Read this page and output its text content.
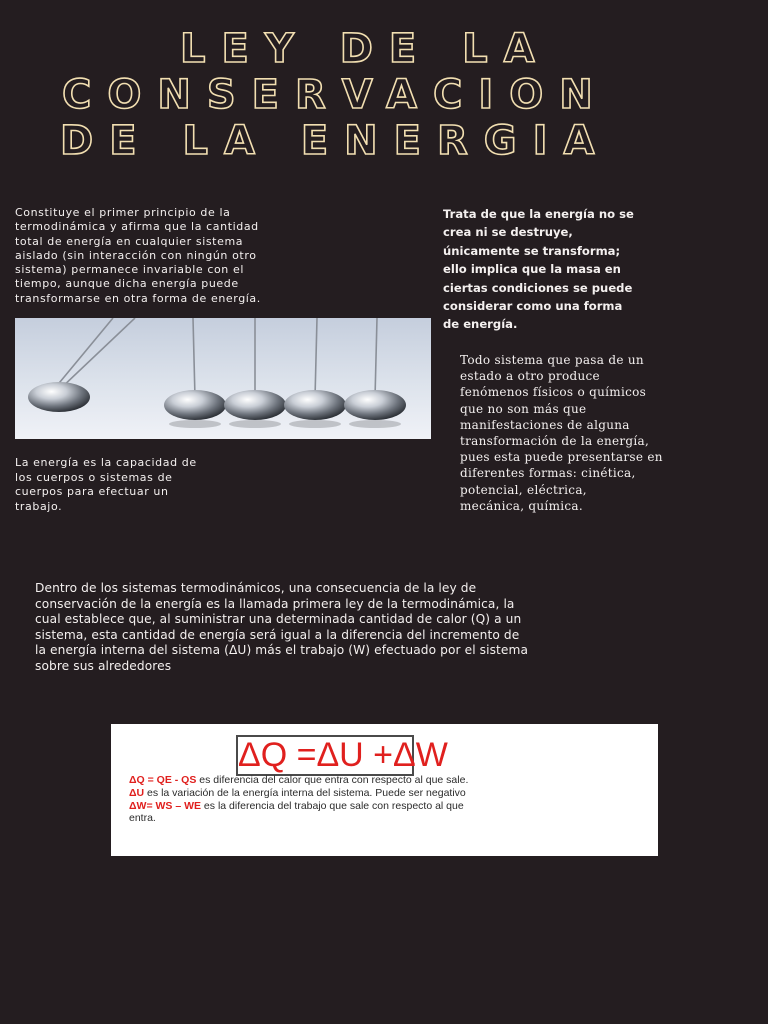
LEY DE LA
CONSERVACION
DE LA ENERGIA

Constituye el primer principio de la
termodinámica y afirma que la cantidad
total de energía en cualquier sistema
aislado (sin interacción con ningún otro
sistema) permanece invariable con el
tiempo, aunque dicha energía puede
transformarse en otra forma de energía.

Trata de que la energía no se
crea ni se destruye,
únicamente se transforma;
ello implica que la masa en
ciertas condiciones se puede
considerar como una forma
de energía.

Todo sistema que pasa de un
estado a otro produce
fenómenos físicos o químicos
que no son más que
manifestaciones de alguna
transformación de la energía,
pues esta puede presentarse en
diferentes formas: cinética,
potencial, eléctrica,
mecánica, química.

La energía es la capacidad de
los cuerpos o sistemas de
cuerpos para efectuar un
trabajo.

Dentro de los sistemas termodinámicos, una consecuencia de la ley de
conservación de la energía es la llamada primera ley de la termodinámica, la
cual establece que, al suministrar una determinada cantidad de calor (Q) a un
sistema, esta cantidad de energía será igual a la diferencia del incremento de
la energía interna del sistema (ΔU) más el trabajo (W) efectuado por el sistema
sobre sus alrededores

ΔQ =ΔU +ΔW
ΔQ = QE - QS es diferencia del calor que entra con respecto al que sale.
ΔU es la variación de la energía interna del sistema. Puede ser negativo
ΔW= WS – WE es la diferencia del trabajo que sale con respecto al que
entra.
